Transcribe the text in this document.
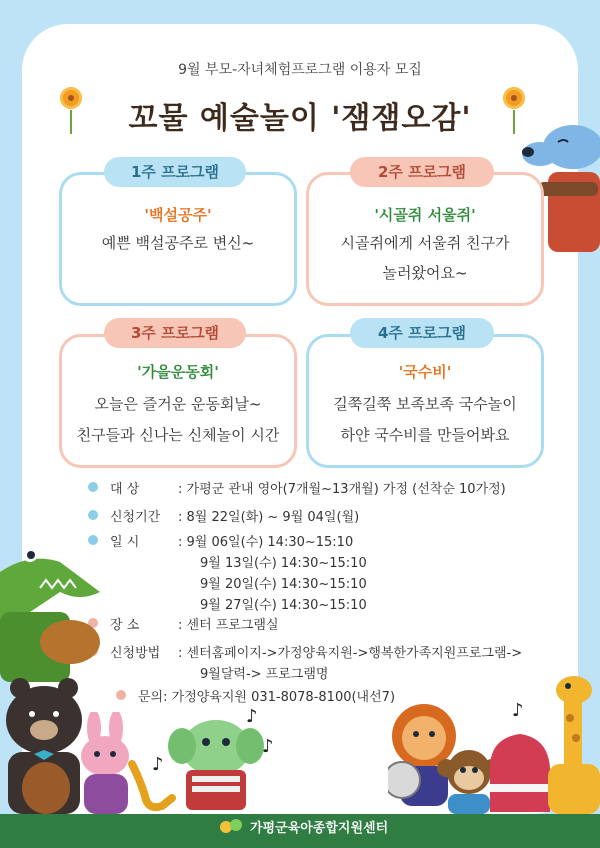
9월 부모-자녀체험프로그램 이용자 모집
꼬물 예술놀이 '잼잼오감'
1주 프로그램
'백설공주'
예쁜 백설공주로 변신~
2주 프로그램
'시골쥐 서울쥐'
시골쥐에게 서울쥐 친구가
놀러왔어요~
3주 프로그램
'가을운동회'
오늘은 즐거운 운동회날~
친구들과 신나는 신체놀이 시간
4주 프로그램
'국수비'
길쭉길쭉 보족보족 국수놀이
하얀 국수비를 만들어봐요
대 상	: 가평군 관내 영아(7개월~13개월) 가정 (선착순 10가정)
신청기간 : 8월 22일(화) ~ 9월 04일(월)
일 시	: 9월 06일(수) 14:30~15:10
9월 13일(수) 14:30~15:10
9월 20일(수) 14:30~15:10
9월 27일(수) 14:30~15:10
장 소	: 센터 프로그램실
신청방법 : 센터홈페이지->가정양육지원->행복한가족지원프로그램->
9월달력-> 프로그램명
문의: 가정양육지원 031-8078-8100(내선7)
♪
♪
♪
♪
가평군육아종합지원센터
